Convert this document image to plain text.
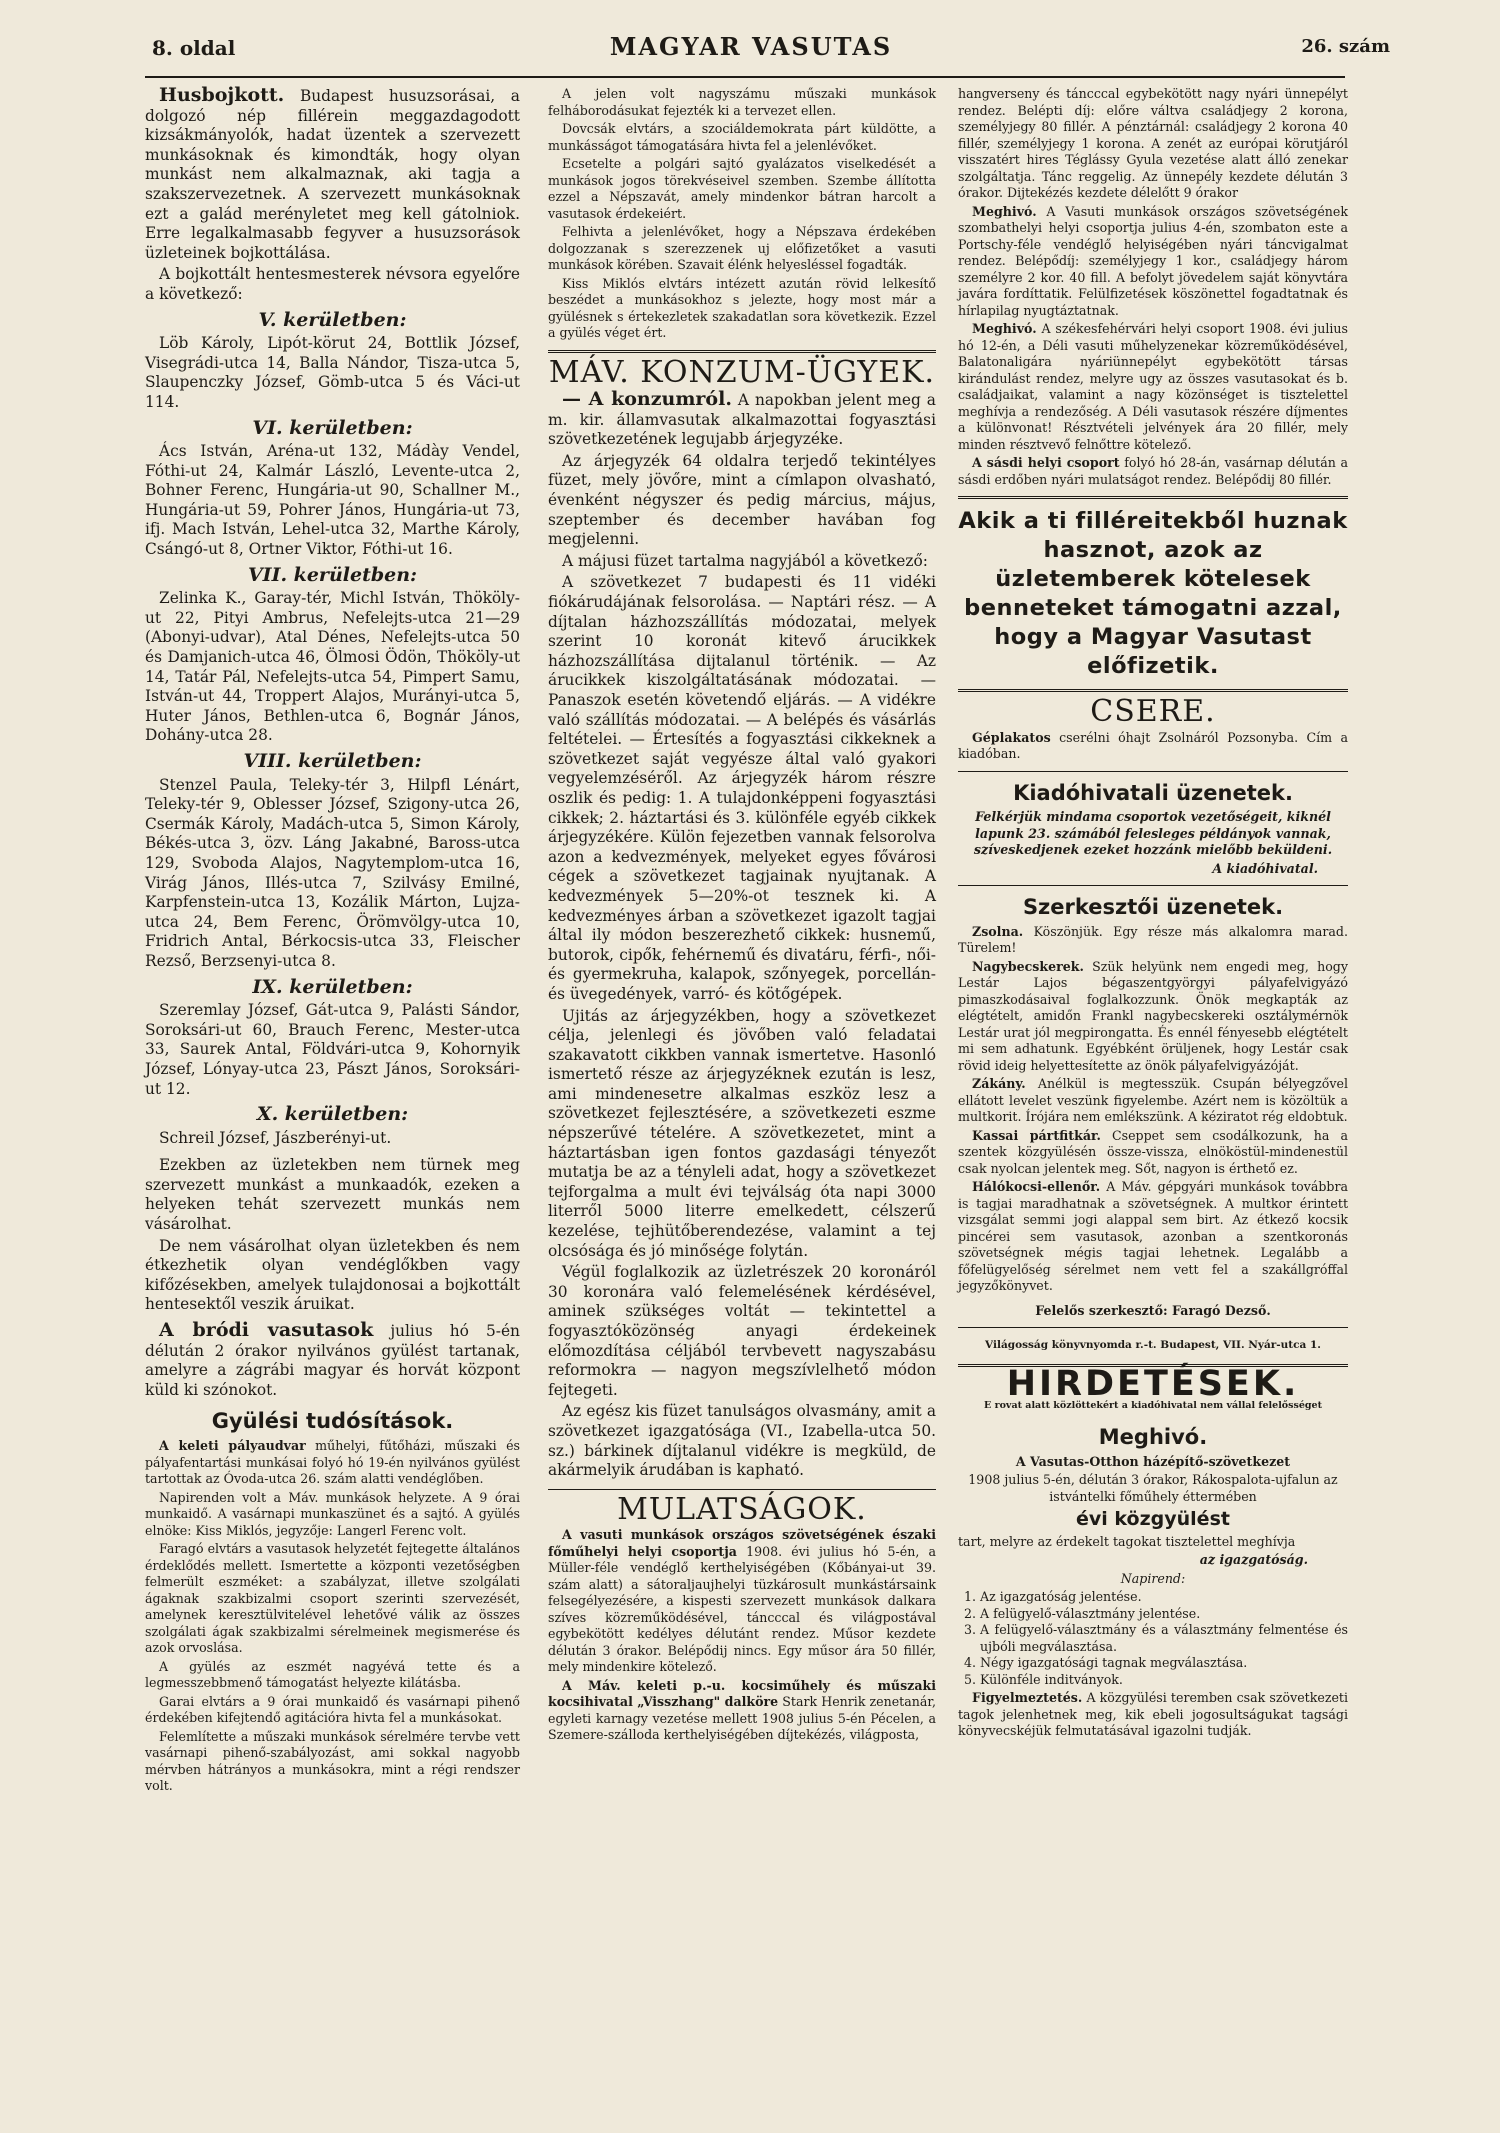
8. oldal	MAGYAR VASUTAS	26. szám

Husbojkott. Budapest husuzsorásai, a dolgozó nép fillérein meggazdagodott kizsákmányolók, hadat üzentek a szervezett munkásoknak és kimondták, hogy olyan munkást nem alkalmaznak, aki tagja a szakszervezetnek. A szervezett munkásoknak ezt a galád merényletet meg kell gátolniok. Erre legalkalmasabb fegyver a husuzsorások üzleteinek bojkottálása.

A bojkottált hentesmesterek névsora egyelőre a következő:

V. kerületben:

Löb Károly, Lipót-körut 24, Bottlik József, Visegrádi-utca 14, Balla Nándor, Tisza-utca 5, Slaupenczky József, Gömb-utca 5 és Váci-ut 114.

VI. kerületben:

Ács István, Aréna-ut 132, Mádày Vendel, Fóthi-ut 24, Kalmár László, Levente-utca 2, Bohner Ferenc, Hungária-ut 90, Schallner M., Hungária-ut 59, Pohrer János, Hungária-ut 73, ifj. Mach István, Lehel-utca 32, Marthe Károly, Csángó-ut 8, Ortner Viktor, Fóthi-ut 16.

VII. kerületben:

Zelinka K., Garay-tér, Michl István, Thököly-ut 22, Pityi Ambrus, Nefelejts-utca 21—29 (Abonyi-udvar), Atal Dénes, Nefelejts-utca 50 és Damjanich-utca 46, Ölmosi Ödön, Thököly-ut 14, Tatár Pál, Nefelejts-utca 54, Pimpert Samu, István-ut 44, Troppert Alajos, Murányi-utca 5, Huter János, Bethlen-utca 6, Bognár János, Dohány-utca 28.

VIII. kerületben:

Stenzel Paula, Teleky-tér 3, Hilpfl Lénárt, Teleky-tér 9, Oblesser József, Szigony-utca 26, Csermák Károly, Madách-utca 5, Simon Károly, Békés-utca 3, özv. Láng Jakabné, Baross-utca 129, Svoboda Alajos, Nagytemplom-utca 16, Virág János, Illés-utca 7, Szilvásy Emilné, Karpfenstein-utca 13, Kozálik Márton, Lujza-utca 24, Bem Ferenc, Örömvölgy-utca 10, Fridrich Antal, Bérkocsis-utca 33, Fleischer Rezső, Berzsenyi-utca 8.

IX. kerületben:

Szeremlay József, Gát-utca 9, Palásti Sándor, Soroksári-ut 60, Brauch Ferenc, Mester-utca 33, Saurek Antal, Földvári-utca 9, Kohornyik József, Lónyay-utca 23, Pászt János, Soroksári-ut 12.

X. kerületben:

Schreil József, Jászberényi-ut.

Ezekben az üzletekben nem türnek meg szervezett munkást a munkaadók, ezeken a helyeken tehát szervezett munkás nem vásárolhat.

De nem vásárolhat olyan üzletekben és nem étkezhetik olyan vendéglőkben vagy kifőzésekben, amelyek tulajdonosai a bojkottált hentesektől veszik áruikat.

A bródi vasutasok julius hó 5-én délután 2 órakor nyilvános gyülést tartanak, amelyre a zágrábi magyar és horvát központ küld ki szónokot.

Gyülési tudósítások.

A keleti pályaudvar műhelyi, fűtőházi, műszaki és pályafentartási munkásai folyó hó 19-én nyilvános gyülést tartottak az Óvoda-utca 26. szám alatti vendéglőben.

Napirenden volt a Máv. munkások helyzete. A 9 órai munkaidő. A vasárnapi munkaszünet és a sajtó. A gyülés elnöke: Kiss Miklós, jegyzője: Langerl Ferenc volt.

Faragó elvtárs a vasutasok helyzetét fejtegette általános érdeklődés mellett. Ismertette a központi vezetőségben felmerült eszméket: a szabályzat, illetve szolgálati ágaknak szakbizalmi csoport szerinti szervezését, amelynek keresztülvitelével lehetővé válik az összes szolgálati ágak szakbizalmi sérelmeinek megismerése és azok orvoslása.

A gyülés az eszmét nagyévá tette és a legmesszebbmenő támogatást helyezte kilátásba.

Garai elvtárs a 9 órai munkaidő és vasárnapi pihenő érdekében kifejtendő agitációra hivta fel a munkásokat.

Felemlítette a műszaki munkások sérelmére tervbe vett vasárnapi pihenő-szabályozást, ami sokkal nagyobb mérvben hátrányos a munkásokra, mint a régi rendszer volt.

A jelen volt nagyszámu műszaki munkások felháborodásukat fejezték ki a tervezet ellen.

Dovcsák elvtárs, a szociáldemokrata párt küldötte, a munkásságot támogatására hivta fel a jelenlévőket.

Ecsetelte a polgári sajtó gyalázatos viselkedését a munkások jogos törekvéseivel szemben. Szembe állította ezzel a Népszavát, amely mindenkor bátran harcolt a vasutasok érdekeiért.

Felhivta a jelenlévőket, hogy a Népszava érdekében dolgozzanak s szerezzenek uj előfizetőket a vasuti munkások körében. Szavait élénk helyesléssel fogadták.

Kiss Miklós elvtárs intézett azután rövid lelkesítő beszédet a munkásokhoz s jelezte, hogy most már a gyülésnek s értekezletek szakadatlan sora következik. Ezzel a gyülés véget ért.

MÁV. KONZUM-ÜGYEK.

— A konzumról. A napokban jelent meg a m. kir. államvasutak alkalmazottai fogyasztási szövetkezetének legujabb árjegyzéke.

Az árjegyzék 64 oldalra terjedő tekintélyes füzet, mely jövőre, mint a címlapon olvasható, évenként négyszer és pedig március, május, szeptember és december havában fog megjelenni.

A májusi füzet tartalma nagyjából a következő:

A szövetkezet 7 budapesti és 11 vidéki fiókárudájának felsorolása. — Naptári rész. — A díjtalan házhozszállítás módozatai, melyek szerint 10 koronát kitevő árucikkek házhozszállítása dijtalanul történik. — Az árucikkek kiszolgáltatásának módozatai. — Panaszok esetén követendő eljárás. — A vidékre való szállítás módozatai. — A belépés és vásárlás feltételei. — Értesítés a fogyasztási cikkeknek a szövetkezet saját vegyésze által való gyakori vegyelemzéséről. Az árjegyzék három részre oszlik és pedig: 1. A tulajdonképpeni fogyasztási cikkek; 2. háztartási és 3. különféle egyéb cikkek árjegyzékére. Külön fejezetben vannak felsorolva azon a kedvezmények, melyeket egyes fővárosi cégek a szövetkezet tagjainak nyujtanak. A kedvezmények 5—20%-ot tesznek ki. A kedvezményes árban a szövetkezet igazolt tagjai által ily módon beszerezhető cikkek: husnemű, butorok, cipők, fehérnemű és divatáru, férfi-, női- és gyermekruha, kalapok, szőnyegek, porcellán- és üvegedények, varró- és kötőgépek.

Ujitás az árjegyzékben, hogy a szövetkezet célja, jelenlegi és jövőben való feladatai szakavatott cikkben vannak ismertetve. Hasonló ismertető része az árjegyzéknek ezután is lesz, ami mindenesetre alkalmas eszköz lesz a szövetkezet fejlesztésére, a szövetkezeti eszme népszerűvé tételére. A szövetkezetet, mint a háztartásban igen fontos gazdasági tényezőt mutatja be az a tényleli adat, hogy a szövetkezet tejforgalma a mult évi tejválság óta napi 3000 literről 5000 literre emelkedett, célszerű kezelése, tejhütőberendezése, valamint a tej olcsósága és jó minősége folytán.

Végül foglalkozik az üzletrészek 20 koronáról 30 koronára való felemelésének kérdésével, aminek szükséges voltát — tekintettel a fogyasztóközönség anyagi érdekeinek előmozdítása céljából tervbevett nagyszabásu reformokra — nagyon megszívlelhető módon fejtegeti.

Az egész kis füzet tanulságos olvasmány, amit a szövetkezet igazgatósága (VI., Izabella-utca 50. sz.) bárkinek díjtalanul vidékre is megküld, de akármelyik árudában is kapható.

MULATSÁGOK.

A vasuti munkások országos szövetségének északi főműhelyi helyi csoportja 1908. évi julius hó 5-én, a Müller-féle vendéglő kerthelyiségében (Kőbányai-ut 39. szám alatt) a sátoraljaujhelyi tüzkárosult munkástársaink felsegélyezésére, a kispesti szervezett munkások dalkara szíves közreműködésével, táncccal és világpostával egybekötött kedélyes délutánt rendez. Műsor kezdete délután 3 órakor. Belépődij nincs. Egy műsor ára 50 fillér, mely mindenkire kötelező.

A Máv. keleti p.-u. kocsiműhely és műszaki kocsihivatal „Visszhang" dalköre Stark Henrik zenetanár, egyleti karnagy vezetése mellett 1908 julius 5-én Pécelen, a Szemere-szálloda kerthelyiségében díjtekézés, világposta,

hangverseny és táncccal egybekötött nagy nyári ünnepélyt rendez. Belépti díj: előre váltva családjegy 2 korona, személyjegy 80 fillér. A pénztárnál: családjegy 2 korona 40 fillér, személyjegy 1 korona. A zenét az európai körutjáról visszatért hires Téglássy Gyula vezetése alatt álló zenekar szolgáltatja. Tánc reggelig. Az ünnepély kezdete délután 3 órakor. Dijtekézés kezdete délelőtt 9 órakor

Meghivó. A Vasuti munkások országos szövetségének szombathelyi helyi csoportja julius 4-én, szombaton este a Portschy-féle vendéglő helyiségében nyári táncvigalmat rendez. Belépődíj: személyjegy 1 kor., családjegy három személyre 2 kor. 40 fill. A befolyt jövedelem saját könyvtára javára fordíttatik. Felülfizetések köszönettel fogadtatnak és hírlapilag nyugtáztatnak.

Meghivó. A székesfehérvári helyi csoport 1908. évi julius hó 12-én, a Déli vasuti műhelyzenekar közreműködésével, Balatonaligára nyáriünnepélyt egybekötött társas kirándulást rendez, melyre ugy az összes vasutasokat és b. családjaikat, valamint a nagy közönséget is tisztelettel meghívja a rendezőség. A Déli vasutasok részére díjmentes a különvonat! Résztvételi jelvények ára 20 fillér, mely minden résztvevő felnőttre kötelező.

A sásdi helyi csoport folyó hó 28-án, vasárnap délután a sásdi erdőben nyári mulatságot rendez. Belépődij 80 fillér.

Akik a ti filléreitekből huznak hasznot, azok az üzletemberek kötelesek benneteket támogatni azzal, hogy a Magyar Vasutast előfizetik.
CSERE.

Géplakatos cserélni óhajt Zsolnáról Pozsonyba. Cím a kiadóban.

Kiadóhivatali üzenetek.

Felkérjük mindama csoportok vezetőségeit, kiknél lapunk 23. számából felesleges példányok vannak, szíveskedjenek ezeket hozzánk mielőbb beküldeni.

A kiadóhivatal.

Szerkesztői üzenetek.

Zsolna. Köszönjük. Egy része más alkalomra marad. Türelem!

Nagybecskerek. Szük helyünk nem engedi meg, hogy Lestár Lajos bégaszentgyörgyi pályafelvigyázó pimaszkodásaival foglalkozzunk. Önök megkapták az elégtételt, amidőn Frankl nagybecskereki osztálymérnök Lestár urat jól megpirongatta. És ennél fényesebb elégtételt mi sem adhatunk. Egyébként örüljenek, hogy Lestár csak rövid ideig helyettesítette az önök pályafelvigyázóját.

Zákány. Anélkül is megtesszük. Csupán bélyegzővel ellátott levelet veszünk figyelembe. Azért nem is közöltük a multkorit. Írójára nem emlékszünk. A kéziratot rég eldobtuk.

Kassai pártfitkár. Cseppet sem csodálkozunk, ha a szentek közgyülésén össze-vissza, elnököstül-mindenestül csak nyolcan jelentek meg. Sőt, nagyon is érthető ez.

Hálókocsi-ellenőr. A Máv. gépgyári munkások továbbra is tagjai maradhatnak a szövetségnek. A multkor érintett vizsgálat semmi jogi alappal sem birt. Az étkező kocsik pincérei sem vasutasok, azonban a szentkoronás szövetségnek mégis tagjai lehetnek. Legalább a főfelügyelőség sérelmet nem vett fel a szakállgróffal jegyzőkönyvet.

Felelős szerkesztő: Faragó Dezső.

Világosság könyvnyomda r.-t. Budapest, VII. Nyár-utca 1.

HIRDETÉSEK.

E rovat alatt közlöttekért a kiadóhivatal nem vállal felelősséget

Meghivó.

A Vasutas-Otthon házépítő-szövetkezet

1908 julius 5-én, délután 3 órakor, Rákospalota-ujfalun az istvántelki főműhely éttermében

évi közgyülést

tart, melyre az érdekelt tagokat tisztelettel meghívja

az igazgatóság.

Napirend:

1. Az igazgatóság jelentése.
2. A felügyelő-választmány jelentése.
3. A felügyelő-választmány és a választmány felmentése és ujbóli megválasztása.
4. Négy igazgatósági tagnak megválasztása.
5. Különféle inditványok.

Figyelmeztetés. A közgyülési teremben csak szövetkezeti tagok jelenhetnek meg, kik ebeli jogosultságukat tagsági könyvecskéjük felmutatásával igazolni tudják.
